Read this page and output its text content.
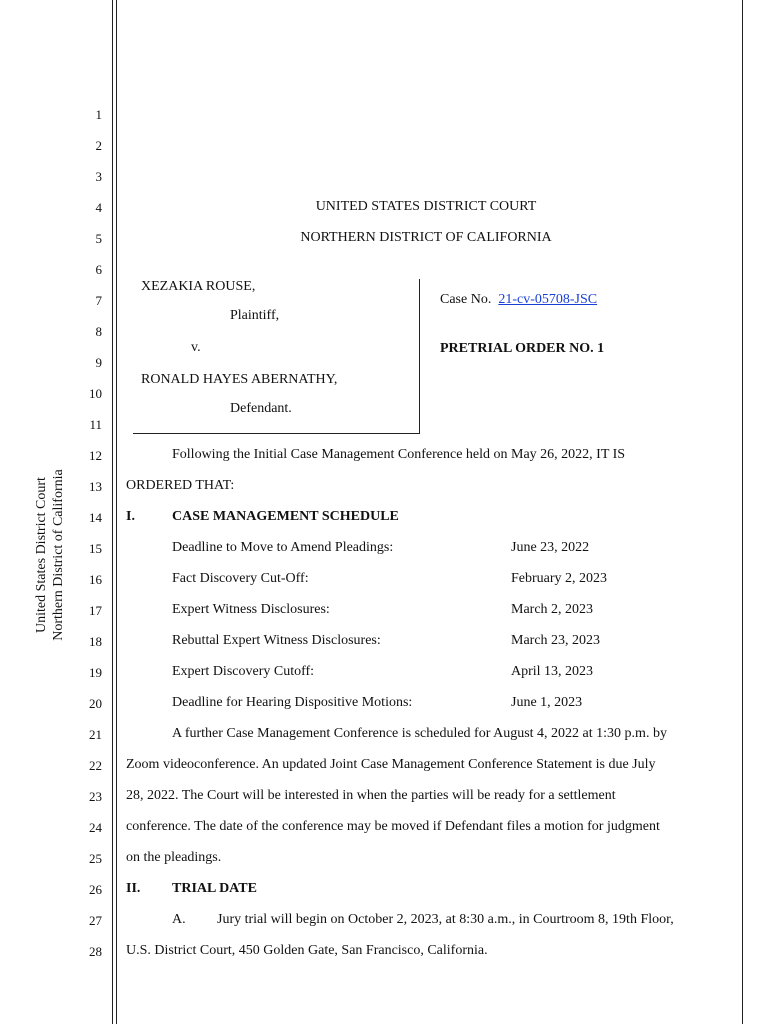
United States District Court Northern District of California
1
2
3
4
5
6
7
8
9
10
11
12
13
14
15
16
17
18
19
20
21
22
23
24
25
26
27
28
UNITED STATES DISTRICT COURT
NORTHERN DISTRICT OF CALIFORNIA
XEZAKIA ROUSE,
Plaintiff,
v.
RONALD HAYES ABERNATHY,
Defendant.
Case No. 21-cv-05708-JSC
PRETRIAL ORDER NO. 1
Following the Initial Case Management Conference held on May 26, 2022, IT IS
ORDERED THAT:
I.	CASE MANAGEMENT SCHEDULE
Deadline to Move to Amend Pleadings:	June 23, 2022
Fact Discovery Cut-Off:	February 2, 2023
Expert Witness Disclosures:	March 2, 2023
Rebuttal Expert Witness Disclosures:	March 23, 2023
Expert Discovery Cutoff:	April 13, 2023
Deadline for Hearing Dispositive Motions:	June 1, 2023
A further Case Management Conference is scheduled for August 4, 2022 at 1:30 p.m. by
Zoom videoconference. An updated Joint Case Management Conference Statement is due July
28, 2022. The Court will be interested in when the parties will be ready for a settlement
conference. The date of the conference may be moved if Defendant files a motion for judgment
on the pleadings.
II. TRIAL DATE
A. Jury trial will begin on October 2, 2023, at 8:30 a.m., in Courtroom 8, 19th Floor,
U.S. District Court, 450 Golden Gate, San Francisco, California.
